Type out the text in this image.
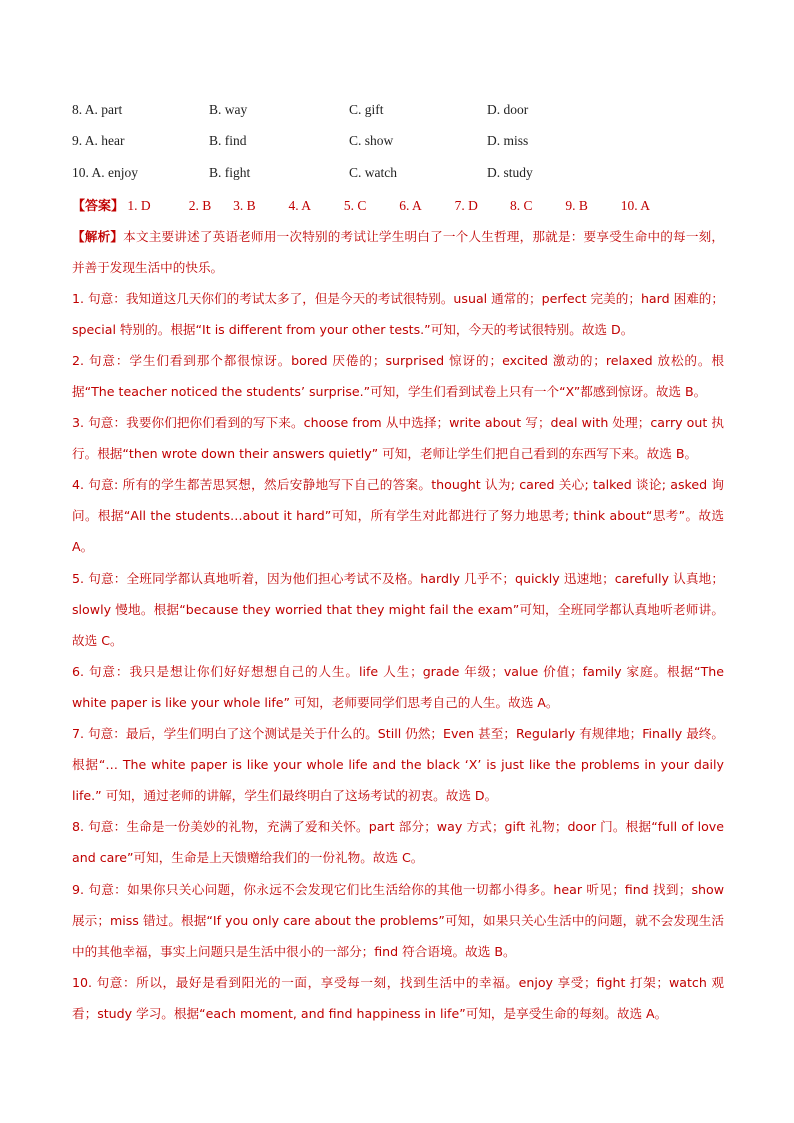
8. A. part	B. way	C. gift	D. door
9. A. hear	B. find	C. show	D. miss
10. A. enjoy	B. fight	C. watch	D. study
【答案】 1. D	2. B 3. B 4. A 5. C 6. A 7. D 8. C 9. B 10. A
【解析】本文主要讲述了英语老师用一次特别的考试让学生明白了一个人生哲理，那就是：要享受生命中的每一刻，并善于发现生活中的快乐。
1. 句意：我知道这几天你们的考试太多了，但是今天的考试很特别。usual 通常的；perfect 完美的；hard 困难的；special 特别的。根据“It is different from your other tests.”可知，今天的考试很特别。故选 D。
2. 句意：学生们看到那个都很惊讶。bored 厌倦的；surprised 惊讶的；excited 激动的；relaxed 放松的。根据“The teacher noticed the students’ surprise.”可知，学生们看到试卷上只有一个“X”都感到惊讶。故选 B。
3. 句意：我要你们把你们看到的写下来。choose from 从中选择；write about 写；deal with 处理；carry out 执行。根据“then wrote down their answers quietly” 可知，老师让学生们把自己看到的东西写下来。故选 B。
4. 句意: 所有的学生都苦思冥想，然后安静地写下自己的答案。thought 认为; cared 关心; talked 谈论; asked 询问。根据“All the students…about it hard”可知，所有学生对此都进行了努力地思考; think about“思考”。故选 A。
5. 句意：全班同学都认真地听着，因为他们担心考试不及格。hardly 几乎不；quickly 迅速地；carefully 认真地；slowly 慢地。根据“because they worried that they might fail the exam”可知，全班同学都认真地听老师讲。故选 C。
6. 句意：我只是想让你们好好想想自己的人生。life 人生；grade 年级；value 价值；family 家庭。根据“The white paper is like your whole life” 可知，老师要同学们思考自己的人生。故选 A。
7. 句意：最后，学生们明白了这个测试是关于什么的。Still 仍然；Even 甚至；Regularly 有规律地；Finally 最终。根据“… The white paper is like your whole life and the black ‘X’ is just like the problems in your daily life.” 可知，通过老师的讲解，学生们最终明白了这场考试的初衷。故选 D。
8. 句意：生命是一份美妙的礼物，充满了爱和关怀。part 部分；way 方式；gift 礼物；door 门。根据“full of love and care”可知，生命是上天馈赠给我们的一份礼物。故选 C。
9. 句意：如果你只关心问题，你永远不会发现它们比生活给你的其他一切都小得多。hear 听见；find 找到；show 展示；miss 错过。根据“If you only care about the problems”可知，如果只关心生活中的问题，就不会发现生活中的其他幸福，事实上问题只是生活中很小的一部分；find 符合语境。故选 B。
10. 句意：所以，最好是看到阳光的一面，享受每一刻，找到生活中的幸福。enjoy 享受；fight 打架；watch 观看；study 学习。根据“each moment, and find happiness in life”可知，是享受生命的每刻。故选 A。
